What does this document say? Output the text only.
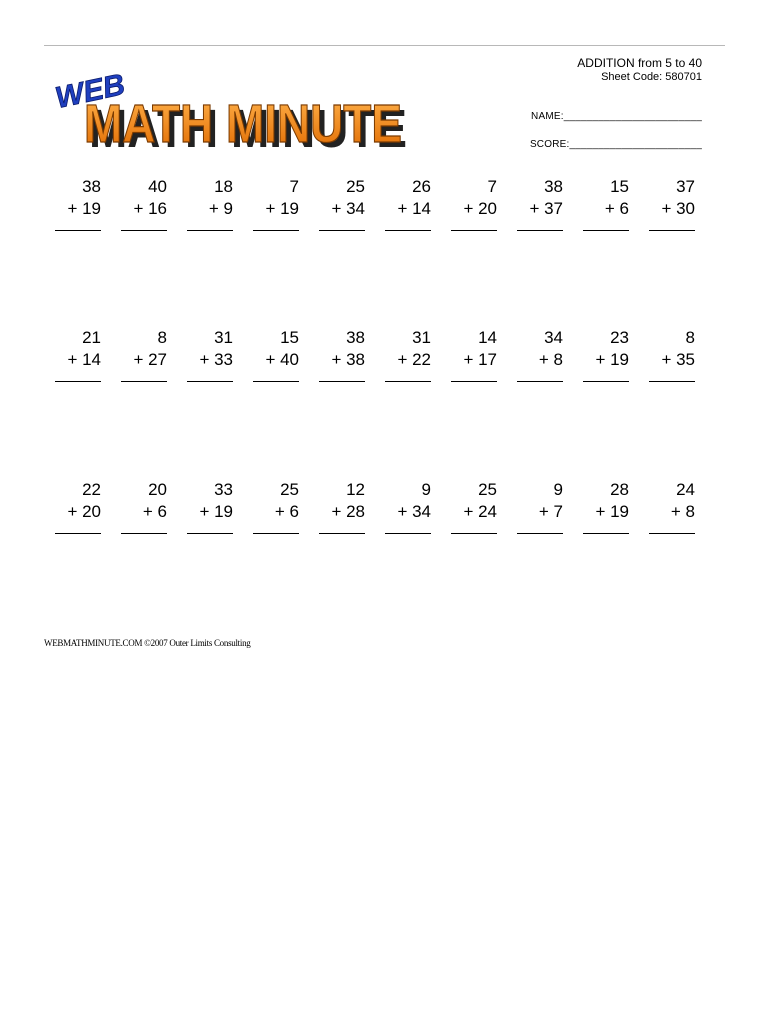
WEB
MATH MINUTE
MATH MINUTE
ADDITION from 5 to 40
Sheet Code: 580701
NAME:________________________
SCORE:_______________________
38
+ 19
40
+ 16
18
+ 9
7
+ 19
25
+ 34
26
+ 14
7
+ 20
38
+ 37
15
+ 6
37
+ 30
21
+ 14
8
+ 27
31
+ 33
15
+ 40
38
+ 38
31
+ 22
14
+ 17
34
+ 8
23
+ 19
8
+ 35
22
+ 20
20
+ 6
33
+ 19
25
+ 6
12
+ 28
9
+ 34
25
+ 24
9
+ 7
28
+ 19
24
+ 8
WEBMATHMINUTE.COM ©2007 Outer Limits Consulting
